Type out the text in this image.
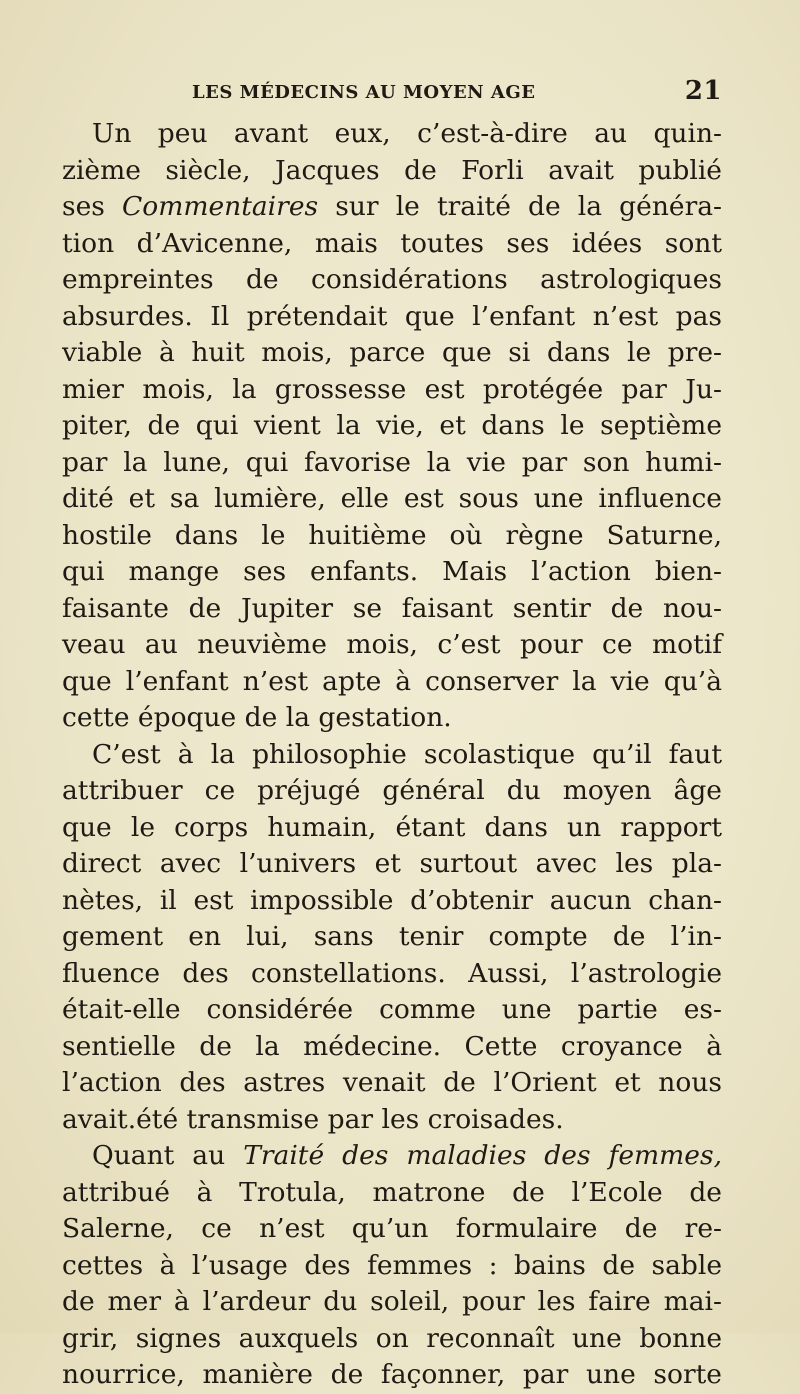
LES MÉDECINS AU MOYEN AGE	21
Un peu avant eux, c’est-à-dire au quin-
zième siècle, Jacques de Forli avait publié
ses Commentaires sur le traité de la généra-
tion d’Avicenne, mais toutes ses idées sont
empreintes de considérations astrologiques
absurdes. Il prétendait que l’enfant n’est pas
viable à huit mois, parce que si dans le pre-
mier mois, la grossesse est protégée par Ju-
piter, de qui vient la vie, et dans le septième
par la lune, qui favorise la vie par son humi-
dité et sa lumière, elle est sous une influence
hostile dans le huitième où règne Saturne,
qui mange ses enfants. Mais l’action bien-
faisante de Jupiter se faisant sentir de nou-
veau au neuvième mois, c’est pour ce motif
que l’enfant n’est apte à conserver la vie qu’à
cette époque de la gestation.
C’est à la philosophie scolastique qu’il faut
attribuer ce préjugé général du moyen âge
que le corps humain, étant dans un rapport
direct avec l’univers et surtout avec les pla-
nètes, il est impossible d’obtenir aucun chan-
gement en lui, sans tenir compte de l’in-
fluence des constellations. Aussi, l’astrologie
était-elle considérée comme une partie es-
sentielle de la médecine. Cette croyance à
l’action des astres venait de l’Orient et nous
avait.été transmise par les croisades.
Quant au Traité des maladies des femmes,
attribué à Trotula, matrone de l’Ecole de
Salerne, ce n’est qu’un formulaire de re-
cettes à l’usage des femmes : bains de sable
de mer à l’ardeur du soleil, pour les faire mai-
grir, signes auxquels on reconnaît une bonne
nourrice, manière de façonner, par une sorte
